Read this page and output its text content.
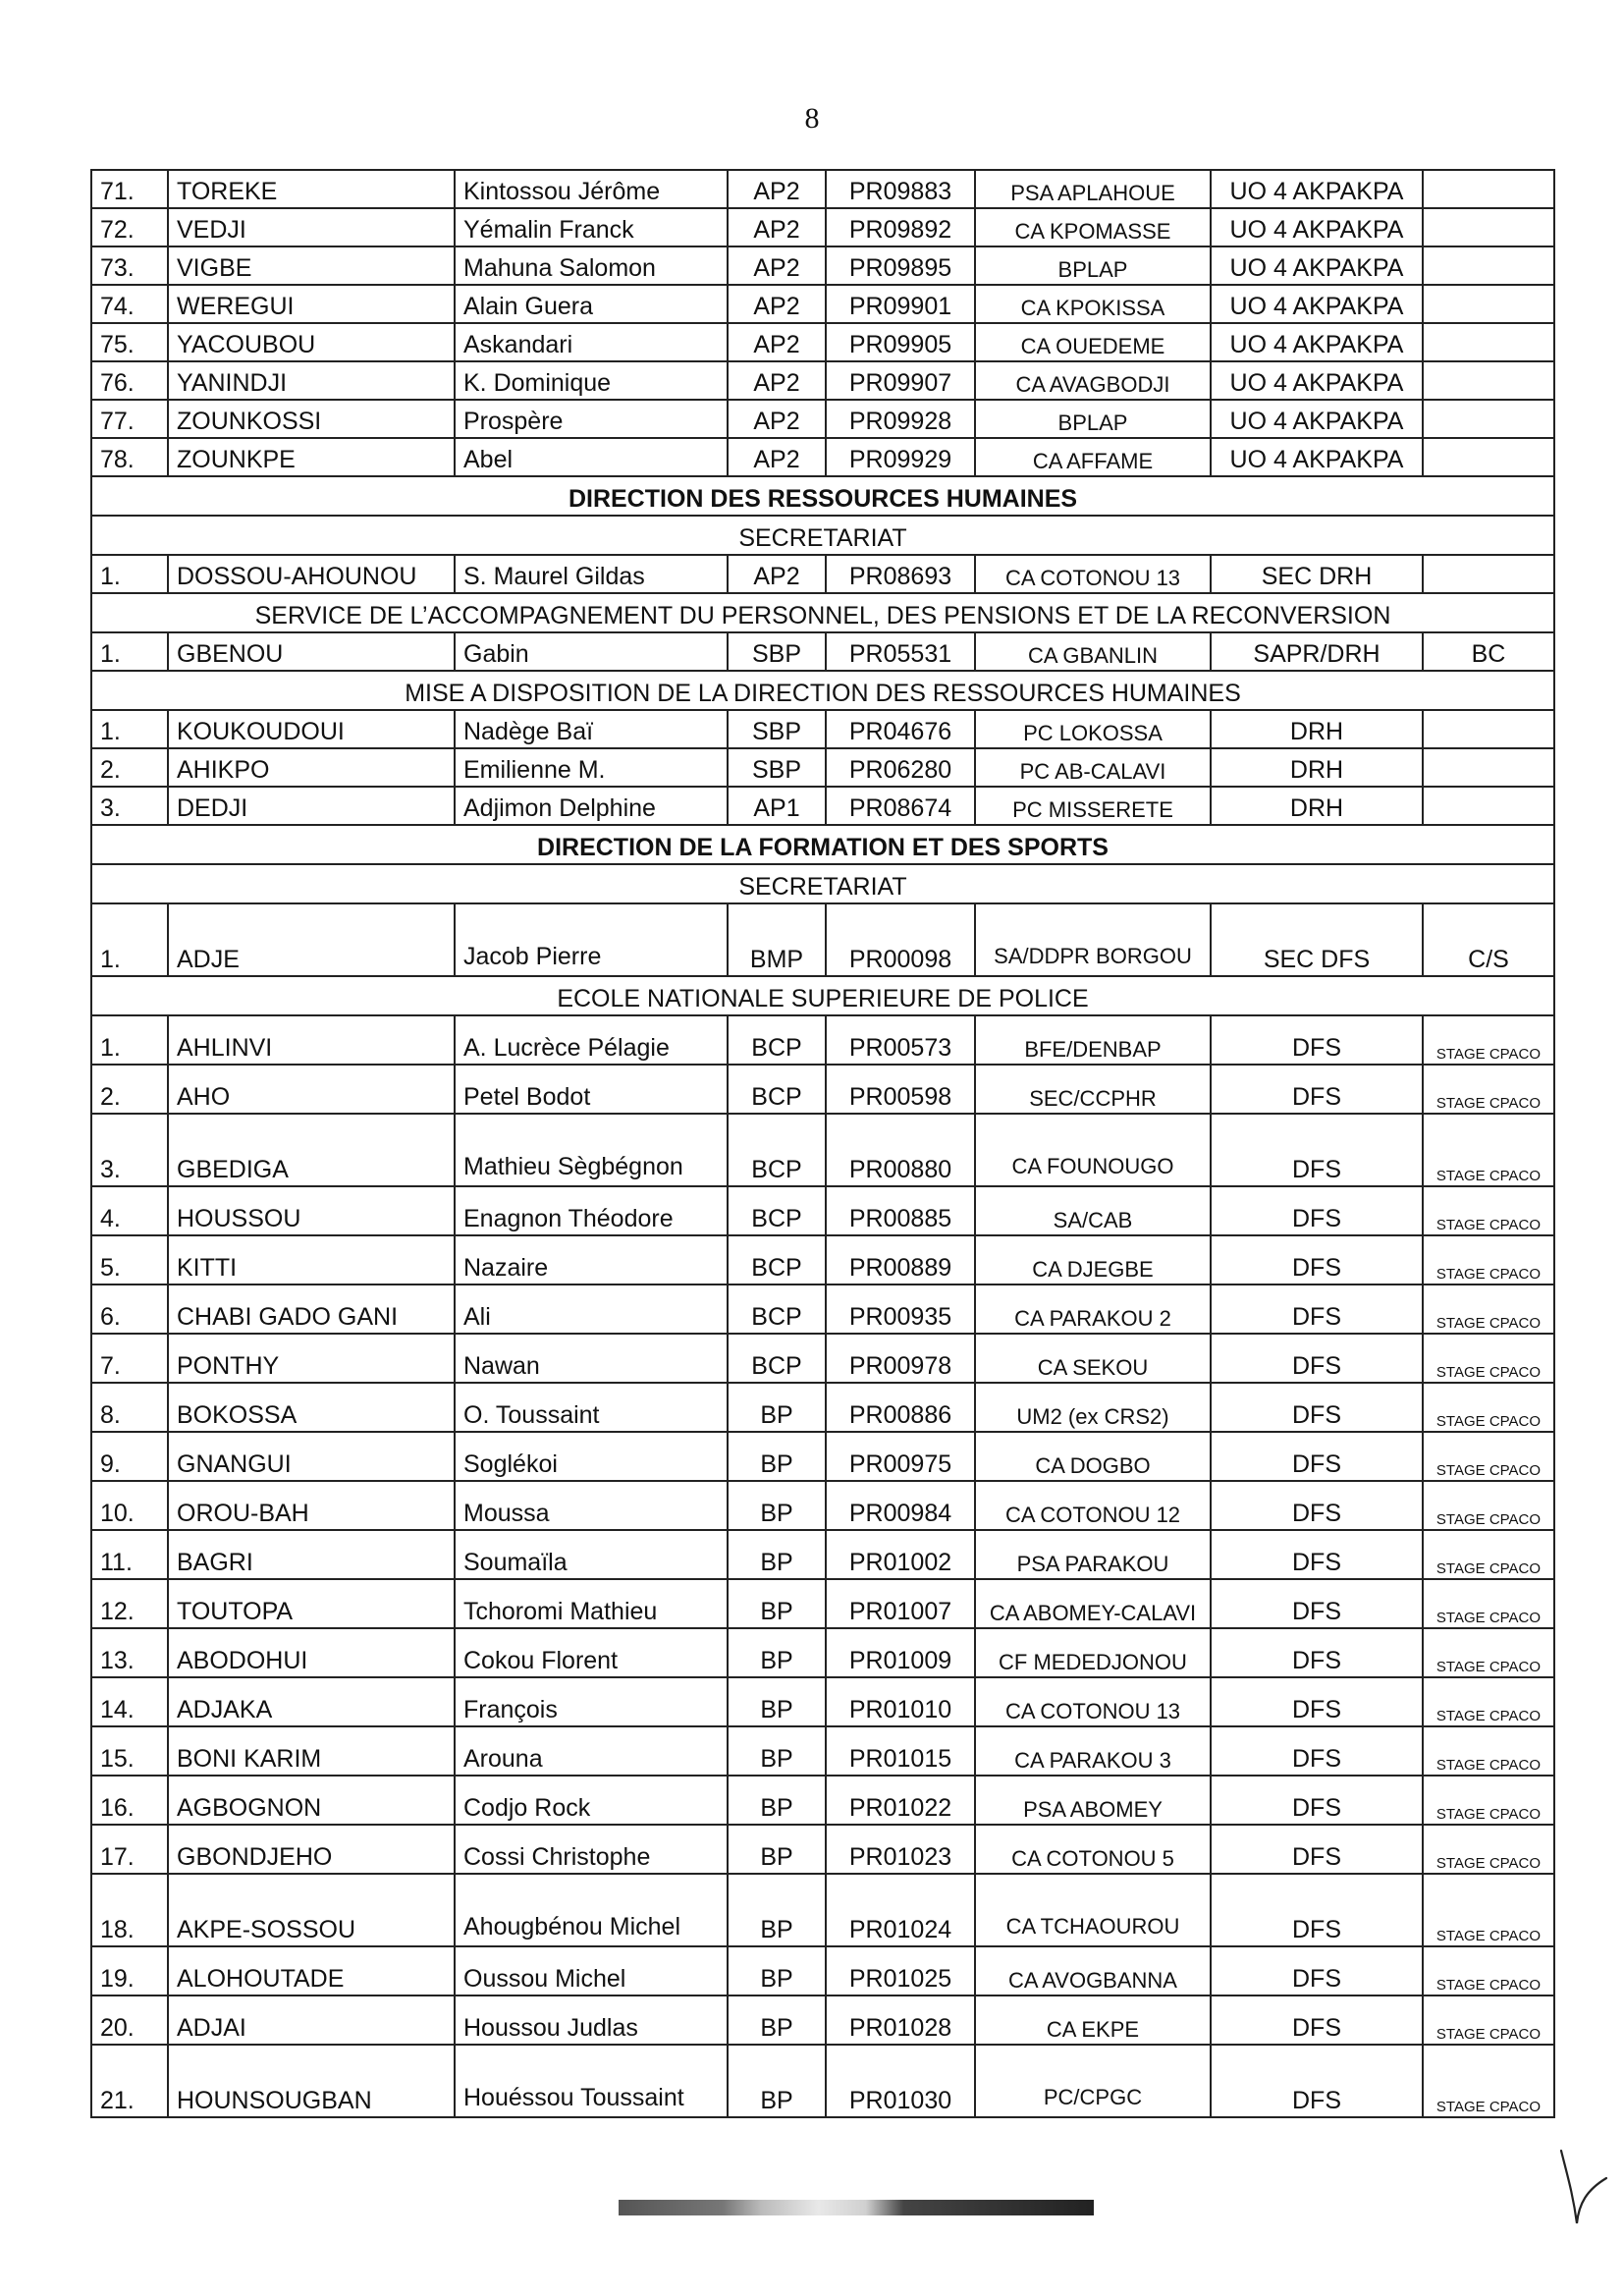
8
71.	TOREKE	Kintossou Jérôme	AP2	PR09883	PSA APLAHOUE	UO 4 AKPAKPA	
72.	VEDJI	Yémalin Franck	AP2	PR09892	CA KPOMASSE	UO 4 AKPAKPA	
73.	VIGBE	Mahuna Salomon	AP2	PR09895	BPLAP	UO 4 AKPAKPA	
74.	WEREGUI	Alain Guera	AP2	PR09901	CA KPOKISSA	UO 4 AKPAKPA	
75.	YACOUBOU	Askandari	AP2	PR09905	CA OUEDEME	UO 4 AKPAKPA	
76.	YANINDJI	K. Dominique	AP2	PR09907	CA AVAGBODJI	UO 4 AKPAKPA	
77.	ZOUNKOSSI	Prospère	AP2	PR09928	BPLAP	UO 4 AKPAKPA	
78.	ZOUNKPE	Abel	AP2	PR09929	CA AFFAME	UO 4 AKPAKPA	
DIRECTION DES RESSOURCES HUMAINES							
SECRETARIAT							
1.	DOSSOU-AHOUNOU	S. Maurel Gildas	AP2	PR08693	CA COTONOU 13	SEC DRH	
SERVICE DE L’ACCOMPAGNEMENT DU PERSONNEL, DES PENSIONS ET DE LA RECONVERSION							
1.	GBENOU	Gabin	SBP	PR05531	CA GBANLIN	SAPR/DRH	BC
MISE A DISPOSITION DE LA DIRECTION DES RESSOURCES HUMAINES							
1.	KOUKOUDOUI	Nadège Baï	SBP	PR04676	PC LOKOSSA	DRH	
2.	AHIKPO	Emilienne M.	SBP	PR06280	PC AB-CALAVI	DRH	
3.	DEDJI	Adjimon Delphine	AP1	PR08674	PC MISSERETE	DRH	
DIRECTION DE LA FORMATION ET DES SPORTS							
SECRETARIAT							
1.	ADJE	Jacob Pierre	BMP	PR00098	SA/DDPR BORGOU	SEC DFS	C/S
ECOLE NATIONALE SUPERIEURE DE POLICE							
1.	AHLINVI	A. Lucrèce Pélagie	BCP	PR00573	BFE/DENBAP	DFS	STAGE CPACO
2.	AHO	Petel Bodot	BCP	PR00598	SEC/CCPHR	DFS	STAGE CPACO
3.	GBEDIGA	Mathieu Sègbégnon	BCP	PR00880	CA FOUNOUGO	DFS	STAGE CPACO
4.	HOUSSOU	Enagnon Théodore	BCP	PR00885	SA/CAB	DFS	STAGE CPACO
5.	KITTI	Nazaire	BCP	PR00889	CA DJEGBE	DFS	STAGE CPACO
6.	CHABI GADO GANI	Ali	BCP	PR00935	CA PARAKOU 2	DFS	STAGE CPACO
7.	PONTHY	Nawan	BCP	PR00978	CA SEKOU	DFS	STAGE CPACO
8.	BOKOSSA	O. Toussaint	BP	PR00886	UM2 (ex CRS2)	DFS	STAGE CPACO
9.	GNANGUI	Soglékoi	BP	PR00975	CA DOGBO	DFS	STAGE CPACO
10.	OROU-BAH	Moussa	BP	PR00984	CA COTONOU 12	DFS	STAGE CPACO
11.	BAGRI	Soumaïla	BP	PR01002	PSA PARAKOU	DFS	STAGE CPACO
12.	TOUTOPA	Tchoromi Mathieu	BP	PR01007	CA ABOMEY-CALAVI	DFS	STAGE CPACO
13.	ABODOHUI	Cokou Florent	BP	PR01009	CF MEDEDJONOU	DFS	STAGE CPACO
14.	ADJAKA	François	BP	PR01010	CA COTONOU 13	DFS	STAGE CPACO
15.	BONI KARIM	Arouna	BP	PR01015	CA PARAKOU 3	DFS	STAGE CPACO
16.	AGBOGNON	Codjo Rock	BP	PR01022	PSA ABOMEY	DFS	STAGE CPACO
17.	GBONDJEHO	Cossi Christophe	BP	PR01023	CA COTONOU 5	DFS	STAGE CPACO
18.	AKPE-SOSSOU	Ahougbénou Michel	BP	PR01024	CA TCHAOUROU	DFS	STAGE CPACO
19.	ALOHOUTADE	Oussou Michel	BP	PR01025	CA AVOGBANNA	DFS	STAGE CPACO
20.	ADJAI	Houssou Judlas	BP	PR01028	CA EKPE	DFS	STAGE CPACO
21.	HOUNSOUGBAN	Houéssou Toussaint	BP	PR01030	PC/CPGC	DFS	STAGE CPACO
